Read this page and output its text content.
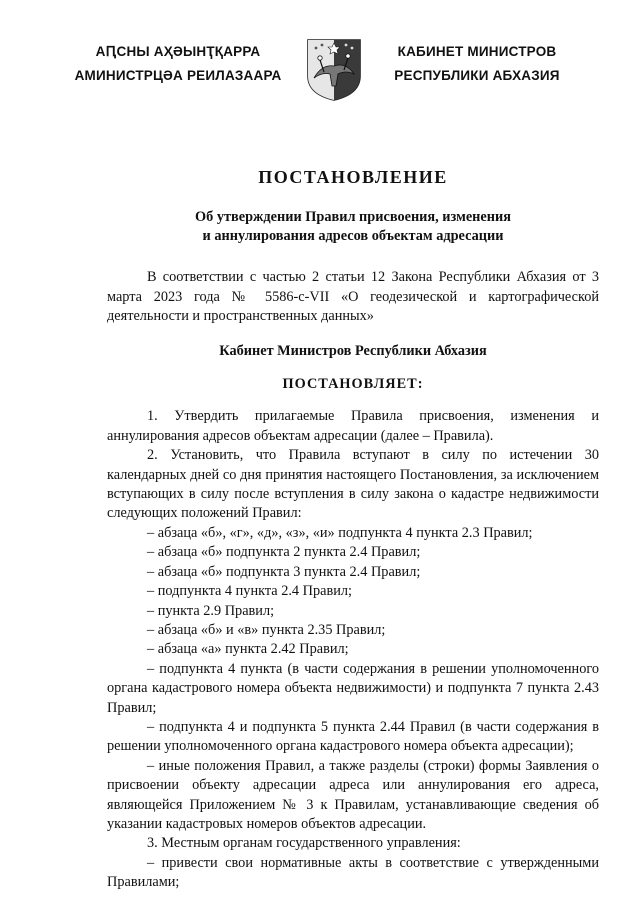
АԤСНЫ АҲӘЫНҬҚАРРА
АМИНИСТРЦӘА РЕИЛАЗААРА
КАБИНЕТ МИНИСТРОВ
РЕСПУБЛИКИ АБХАЗИЯ
ПОСТАНОВЛЕНИЕ
Об утверждении Правил присвоения, изменения
и аннулирования адресов объектам адресации

В соответствии с частью 2 статьи 12 Закона Республики Абхазия от 3 марта 2023 года № 5586-с-VII «О геодезической и картографической деятельности и пространственных данных»

Кабинет Министров Республики Абхазия
ПОСТАНОВЛЯЕТ:

1. Утвердить прилагаемые Правила присвоения, изменения и аннулирования адресов объектам адресации (далее – Правила).

2. Установить, что Правила вступают в силу по истечении 30 календарных дней со дня принятия настоящего Постановления, за исключением вступающих в силу после вступления в силу закона о кадастре недвижимости следующих положений Правил:

– абзаца «б», «г», «д», «з», «и» подпункта 4 пункта 2.3 Правил;

– абзаца «б» подпункта 2 пункта 2.4 Правил;

– абзаца «б» подпункта 3 пункта 2.4 Правил;

– подпункта 4 пункта 2.4 Правил;

– пункта 2.9 Правил;

– абзаца «б» и «в» пункта 2.35 Правил;

– абзаца «а» пункта 2.42 Правил;

– подпункта 4 пункта (в части содержания в решении уполномоченного органа кадастрового номера объекта недвижимости) и подпункта 7 пункта 2.43 Правил;

– подпункта 4 и подпункта 5 пункта 2.44 Правил (в части содержания в решении уполномоченного органа кадастрового номера объекта адресации);

– иные положения Правил, а также разделы (строки) формы Заявления о присвоении объекту адресации адреса или аннулирования его адреса, являющейся Приложением № 3 к Правилам, устанавливающие сведения об указании кадастровых номеров объектов адресации.

3. Местным органам государственного управления:

– привести свои нормативные акты в соответствие с утвержденными Правилами;
